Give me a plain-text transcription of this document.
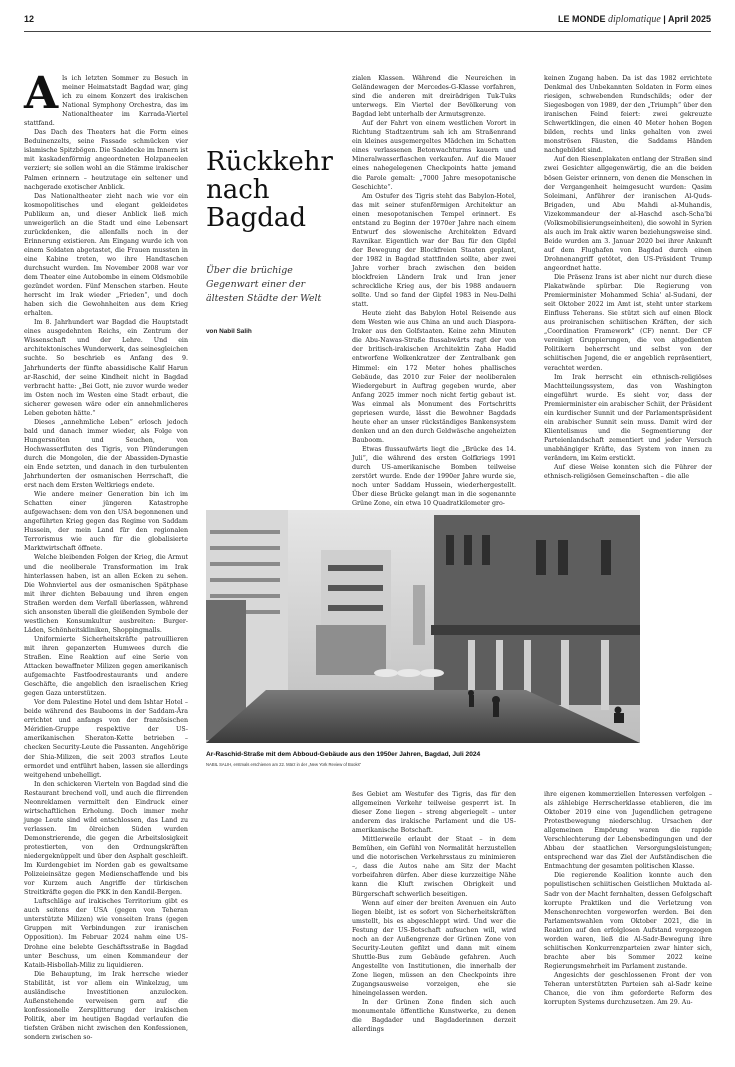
12	LE MONDE diplomatique | April 2025
A ls ich letzten Sommer zu Besuch in meiner Heimatstadt Bagdad war, ging ich zu einem Konzert des irakischen National Symphony Orchestra, das im Nationaltheater im Karrada-Viertel stattfand.

Das Dach des Theaters hat die Form eines Beduinenzelts, seine Fassade schmücken vier islamische Spitzbögen. Die Saaldecke im Innern ist mit kaskadenförmig angeordneten Holzpaneelen verziert; sie sollen wohl an die Stämme irakischer Palmen erinnern – heutzutage ein seltener und nachgerade exotischer Anblick.

Das Nationaltheater zieht nach wie vor ein kosmopolitisches und elegant gekleidetes Publikum an, und dieser Anblick ließ mich unweigerlich an die Stadt und eine Lebensart zurückdenken, die allenfalls noch in der Erinnerung existieren. Am Eingang wurde ich von einem Soldaten abgetastet, die Frauen mussten in eine Kabine treten, wo ihre Handtaschen durchsucht wurden. Im November 2008 war vor dem Theater eine Autobombe in einem Oldsmobile gezündet worden. Fünf Menschen starben. Heute herrscht im Irak wieder „Frieden“, und doch haben sich die Gewohnheiten aus dem Krieg erhalten.

Im 8. Jahrhundert war Bagdad die Hauptstadt eines ausgedehnten Reichs, ein Zentrum der Wissenschaft und der Lehre. Und ein architektonisches Wunderwerk, das seinesgleichen suchte. So beschrieb es Anfang des 9. Jahrhunderts der fünfte abassidische Kalif Harun ar-Raschid, der seine Kindheit nicht in Bagdad verbracht hatte: „Bei Gott, nie zuvor wurde weder im Osten noch im Westen eine Stadt erbaut, die sicherer gewesen wäre oder ein annehmlicheres Leben geboten hätte.“

Dieses „annehmliche Leben“ erlosch jedoch bald und danach immer wieder, als Folge von Hungersnöten und Seuchen, von Hochwasserfluten des Tigris, von Plünderungen durch die Mongolen, die der Abassiden-Dynastie ein Ende setzten, und danach in den turbulenten Jahrhunderten der osmanischen Herrschaft, die erst nach dem Ersten Weltkriegs endete.

Wie andere meiner Generation bin ich im Schatten einer jüngeren Katastrophe aufgewachsen: dem von den USA begonnenen und angeführten Krieg gegen das Regime von Saddam Hussein, der mein Land für den regionalen Terrorismus wie auch für die globalisierte Marktwirtschaft öffnete.

Welche bleibenden Folgen der Krieg, die Armut und die neoliberale Transformation im Irak hinterlassen haben, ist an allen Ecken zu sehen. Die Wohnviertel aus der osmanischen Spätphase mit ihrer dichten Bebauung und ihren engen Straßen werden dem Verfall überlassen, während sich ansonsten überall die gleißenden Symbole der westlichen Konsumkultur ausbreiten: Burger-Läden, Schönheitskliniken, Shoppingmalls.

Uniformierte Sicherheitskräfte patrouillieren mit ihren gepanzerten Humwees durch die Straßen. Eine Reaktion auf eine Serie von Attacken bewaffneter Milizen gegen amerikanisch aufgemachte Fastfoodrestaurants und andere Geschäfte, die angeblich den israelischen Krieg gegen Gaza unterstützen.

Vor dem Palestine Hotel und dem Ishtar Hotel – beide während des Baubooms in der Saddam-Ära errichtet und anfangs von der französischen Méridien-Gruppe respektive der US-amerikanischen Sheraton-Kette betrieben – checken Security-Leute die Passanten. Angehörige der Shia-Milizen, die seit 2003 straflos Leute ermordet und entführt haben, lassen sie allerdings weitgehend unbehelligt.

In den schickeren Vierteln von Bagdad sind die Restaurant brechend voll, und auch die flirrenden Neonreklamen vermittelt den Eindruck einer wirtschaftlichen Erholung. Doch immer mehr junge Leute sind wild entschlossen, das Land zu verlassen. Im ölreichen Süden wurden Demonstrierende, die gegen die Arbeitslosigkeit protestierten, von den Ordnungskräften niedergeknüppelt und über den Asphalt geschleift. Im Kurdengebiet im Norden gab es gewaltsame Polizeieinsätze gegen Medienschaffende und bis vor Kurzem auch Angriffe der türkischen Streitkräfte gegen die PKK in den Kandil-Bergen.

Luftschläge auf irakisches Territorium gibt es auch seitens der USA (gegen von Teheran unterstützte Milizen) wie vonseiten Irans (gegen Gruppen mit Verbindungen zur iranischen Opposition). Im Februar 2024 nahm eine US-Drohne eine belebte Geschäftsstraße in Bagdad unter Beschuss, um einen Kommandeur der Kataib-Hisbollah-Miliz zu liquidieren.

Die Behauptung, im Irak herrsche wieder Stabilität, ist vor allem ein Winkelzug, um ausländische Investitionen anzulocken. Außenstehende verweisen gern auf die konfessionelle Zersplitterung der irakischen Politik, aber im heutigen Bagdad verlaufen die tiefsten Gräben nicht zwischen den Konfessionen, sondern zwischen so-

Rückkehr
nach
Bagdad
Über die brüchige Gegenwart einer der ältesten Städte der Welt
von Nabil Salih

zialen Klassen. Während die Neureichen in Geländewagen der Mercedes-G-Klasse vorfahren, sind die anderen mit dreirädrigen Tuk-Tuks unterwegs. Ein Viertel der Bevölkerung von Bagdad lebt unterhalb der Armutsgrenze.

Auf der Fahrt von einem westlichen Vorort in Richtung Stadtzentrum sah ich am Straßenrand ein kleines ausgemergeltes Mädchen im Schatten eines verlassenen Betonwachturms kauern und Mineralwasserflaschen verkaufen. Auf die Mauer eines nahegelegenen Checkpoints hatte jemand die Parole gemalt: „7000 Jahre mesopotanische Geschichte“.

Am Ostufer des Tigris steht das Babylon-Hotel, das mit seiner stufenförmigen Architektur an einen mesopotanischen Tempel erinnert. Es entstand zu Beginn der 1970er Jahre nach einem Entwurf des slowenische Architekten Edvard Ravnikar. Eigentlich war der Bau für den Gipfel der Bewegung der Blockfreien Staaten geplant, der 1982 in Bagdad stattfinden sollte, aber zwei Jahre vorher brach zwischen den beiden blockfreien Ländern Irak und Iran jener schreckliche Krieg aus, der bis 1988 andauern sollte. Und so fand der Gipfel 1983 in Neu-Delhi statt.

Heute zieht das Babylon Hotel Reisende aus dem Westen wie aus China an und auch Diaspora-Iraker aus den Golfstaaten. Keine zehn Minuten die Abu-Nawas-Straße flussabwärts ragt der von der britisch-irakischen Architektin Zaha Hadid entworfene Wolkenkratzer der Zentralbank gen Himmel: ein 172 Meter hohes phallisches Gebäude, das 2010 zur Feier der neoliberalen Wiedergeburt in Auftrag gegeben wurde, aber Anfang 2025 immer noch nicht fertig gebaut ist. Was einmal als Monument des Fortschritts gepriesen wurde, lässt die Bewohner Bagdads heute eher an unser rückständiges Bankensystem denken und an den durch Geldwäsche angeheizten Bauboom.

Etwas flussaufwärts liegt die „Brücke des 14. Juli“, die während des ersten Golfkriegs 1991 durch US-amerikanische Bomben teilweise zerstört wurde. Ende der 1990er Jahre wurde sie, noch unter Saddam Hussein, wiederhergestellt. Über diese Brücke gelangt man in die sogenannte Grüne Zone, ein etwa 10 Quadratkilometer gro-

keinen Zugang haben. Da ist das 1982 errichtete Denkmal des Unbekannten Soldaten in Form eines riesigen, schwebenden Rundschilds; oder der Siegesbogen von 1989, der den „Triumph“ über den iranischen Feind feiert: zwei gekreuzte Schwertklingen, die einen 40 Meter hohen Bogen bilden, rechts und links gehalten von zwei monströsen Fäusten, die Saddams Händen nachgebildet sind.

Auf den Riesenplakaten entlang der Straßen sind zwei Gesichter allgegenwärtig, die an die beiden bösen Geister erinnern, von denen die Menschen in der Vergangenheit heimgesucht wurden: Qasim Soleimani, Anführer der iranischen Al-Quds-Brigaden, und Abu Mahdi al-Muhandis, Vizekommandeur der al-Haschd asch-Scha'bi (Volksmobilisierungseinheiten), die sowohl in Syrien als auch im Irak aktiv waren beziehungsweise sind. Beide wurden am 3. Januar 2020 bei ihrer Ankunft auf dem Flughafen von Bagdad durch einen Drohnenangriff getötet, den US-Präsident Trump angeordnet hatte.

Die Präsenz Irans ist aber nicht nur durch diese Plakatwände spürbar. Die Regierung von Premierminister Mohammed Schia' al-Sudani, der seit Oktober 2022 im Amt ist, steht unter starkem Einfluss Teherans. Sie stützt sich auf einen Block aus proiranischen schiitischen Kräften, der sich „Coordination Framework“ (CF) nennt. Der CF vereinigt Gruppierungen, die von altgedienten Politikern beherrscht und selbst von der schiitischen Jugend, die er angeblich repräsentiert, verachtet werden.

Im Irak herrscht ein ethnisch-religiöses Machtteilungssystem, das von Washington eingeführt wurde. Es sieht vor, dass der Premierminister ein arabischer Schiit, der Präsident ein kurdischer Sunnit und der Parlamentspräsident ein arabischer Sunnit sein muss. Damit wird der Klientelismus und die Segmentierung der Parteienlandschaft zementiert und jeder Versuch unabhängiger Kräfte, das System von innen zu verändern, im Keim erstickt.

Auf diese Weise konnten sich die Führer der ethnisch-religiösen Gemeinschaften – die alle

Ar-Raschid-Straße mit dem Abboud-Gebäude aus den 1950er Jahren, Bagdad, Juli 2024
NABIL SALIH, erstmals erschienen am 22. März in der „New York Review of Books“

ßes Gebiet am Westufer des Tigris, das für den allgemeinen Verkehr teilweise gesperrt ist. In dieser Zone liegen – streng abgeriegelt – unter anderem das irakische Parlament und die US-amerikanische Botschaft.

Mittlerweile erlaubt der Staat – in dem Bemühen, ein Gefühl von Normalität herzustellen und die notorischen Verkehrsstaus zu minimieren –, dass die Autos nahe am Sitz der Macht vorbeifahren dürfen. Aber diese kurzzeitige Nähe kann die Kluft zwischen Obrigkeit und Bürgerschaft schwerlich beseitigen.

Wenn auf einer der breiten Avenuen ein Auto liegen bleibt, ist es sofort von Sicherheitskräften umstellt, bis es abgeschleppt wird. Und wer die Festung der US-Botschaft aufsuchen will, wird noch an der Außengrenze der Grünen Zone von Security-Leuten gefilzt und dann mit einem Shuttle-Bus zum Gebäude gefahren. Auch Angestellte von Institutionen, die innerhalb der Zone liegen, müssen an den Checkpoints ihre Zugangsausweise vorzeigen, ehe sie hineingelassen werden.

In der Grünen Zone finden sich auch monumentale öffentliche Kunstwerke, zu denen die Bagdader und Bagdaderinnen derzeit allerdings

ihre eigenen kommerziellen Interessen verfolgen – als zählebige Herrscherklasse etablieren, die im Oktober 2019 eine von Jugendlichen getragene Protestbewegung niederschlug. Ursachen der allgemeinen Empörung waren die rapide Verschlechterung der Lebensbedingungen und der Abbau der staatlichen Versorgungsleistungen; entsprechend war das Ziel der Aufständischen die Entmachtung der gesamten politischen Klasse.

Die regierende Koalition konnte auch den populistischen schiitischen Geistlichen Muktada al-Sadr von der Macht fernhalten, dessen Gefolgschaft korrupte Praktiken und die Verletzung von Menschenrechten vorgeworfen werden. Bei den Parlamentswahlen vom Oktober 2021, die in Reaktion auf den erfolglosen Aufstand vorgezogen worden waren, ließ die Al-Sadr-Bewegung ihre schiitischen Konkurrenzparteien zwar hinter sich, brachte aber bis Sommer 2022 keine Regierungsmehrheit im Parlament zustande.

Angesichts der geschlossenen Front der von Teheran unterstützten Parteien sah al-Sadr keine Chance, die von ihm geforderte Reform des korrupten Systems durchzusetzen. Am 29. Au-
